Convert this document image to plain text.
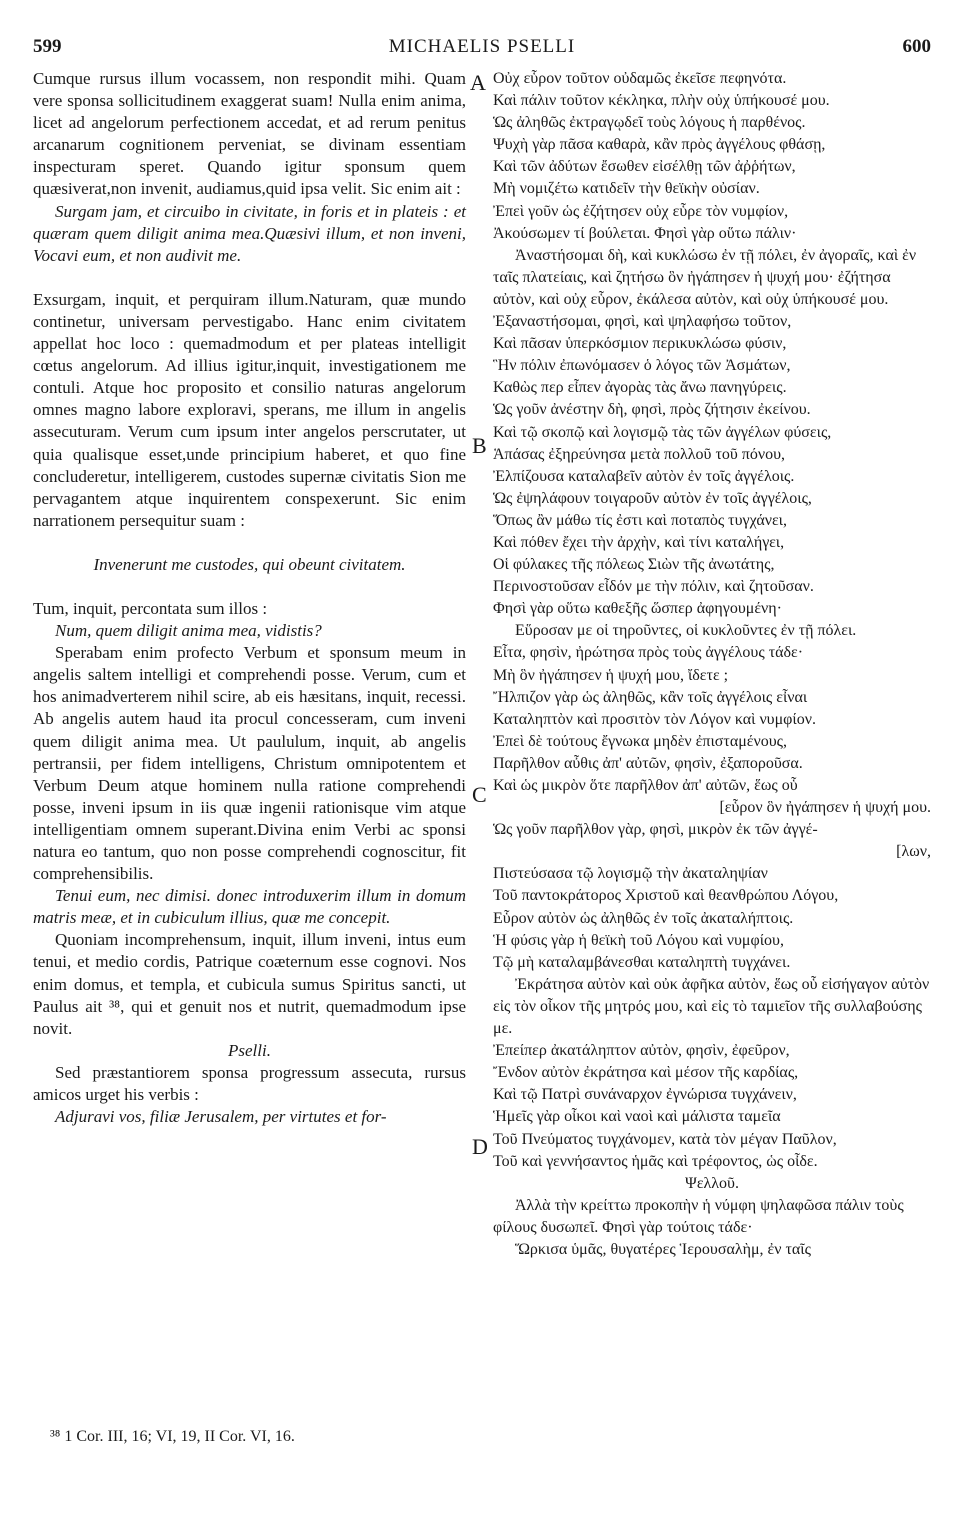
599	MICHAELIS PSELLI	600

Cumque rursus illum vocassem, non respondit mihi. Quam vere sponsa sollicitudinem exaggerat suam! Nulla enim anima, licet ad angelorum perfectionem accedat, et ad rerum penitus arcanarum cognitionem perveniat, se divinam essentiam inspecturam speret. Quando igitur sponsum quem quæsiverat,non invenit, audiamus,quid ipsa velit. Sic enim ait :

Surgam jam, et circuibo in civitate, in foris et in plateis : et quæram quem diligit anima mea.Quæsivi illum, et non inveni, Vocavi eum, et non audivit me.

Exsurgam, inquit, et perquiram illum.Naturam, quæ mundo continetur, universam pervestigabo. Hanc enim civitatem appellat hoc loco : quemadmodum et per plateas intelligit cœtus angelorum. Ad illius igitur,inquit, investigationem me contuli. Atque hoc proposito et consilio naturas angelorum omnes magno labore exploravi, sperans, me illum in angelis assecuturam. Verum cum ipsum inter angelos perscrutater, ut quia qualisque esset,unde principium haberet, et quo fine concluderetur, intelligerem, custodes supernæ civitatis Sion me pervagantem atque inquirentem conspexerunt. Sic enim narrationem persequitur suam :

Invenerunt me custodes, qui obeunt civitatem.

Tum, inquit, percontata sum illos :

Num, quem diligit anima mea, vidistis?

Sperabam enim profecto Verbum et sponsum meum in angelis saltem intelligi et comprehendi posse. Verum, cum et hos animadverterem nihil scire, ab eis hæsitans, inquit, recessi. Ab angelis autem haud ita procul concesseram, cum inveni quem diligit anima mea. Ut paululum, inquit, ab angelis pertransii, per fidem intelligens, Christum omnipotentem et Verbum Deum atque hominem nulla ratione comprehendi posse, inveni ipsum in iis quæ ingenii rationisque vim atque intelligentiam omnem superant.Divina enim Verbi ac sponsi natura eo tantum, quo non posse comprehendi cognoscitur, fit comprehensibilis.

Tenui eum, nec dimisi. donec introduxerim illum in domum matris meæ, et in cubiculum illius, quæ me concepit.

Quoniam incomprehensum, inquit, illum inveni, intus eum tenui, et medio cordis, Patrique coæternum esse cognovi. Nos enim domus, et templa, et cubicula sumus Spiritus sancti, ut Paulus ait ³⁸, qui et genuit nos et nutrit, quemadmodum ipse novit.

Pselli.

Sed præstantiorem sponsa progressum assecuta, rursus amicos urget his verbis :

Adjuravi vos, filiæ Jerusalem, per virtutes et for-

Οὐχ εὗρον τοῦτον οὐδαμῶς ἐκεῖσε πεφηνότα.

Καὶ πάλιν τοῦτον κέκληκα, πλὴν οὐχ ὑπήκουσέ μου.

Ὡς ἀληθῶς ἐκτραγῳδεῖ τοὺς λόγους ἡ παρθένος.

Ψυχὴ γὰρ πᾶσα καθαρὰ, κἂν πρὸς ἀγγέλους φθάσῃ,

Καὶ τῶν ἀδύτων ἔσωθεν εἰσέλθῃ τῶν ἀῤῥήτων,

Μὴ νομιζέτω κατιδεῖν τὴν θεϊκὴν οὐσίαν.

Ἐπεὶ γοῦν ὡς ἐζήτησεν οὐχ εὗρε τὸν νυμφίον,

Ἀκούσωμεν τί βούλεται. Φησὶ γὰρ οὕτω πάλιν·

Ἀναστήσομαι δὴ, καὶ κυκλώσω ἐν τῇ πόλει, ἐν ἀγοραῖς, καὶ ἐν ταῖς πλατείαις, καὶ ζητήσω ὃν ἠγάπησεν ἡ ψυχή μου· ἐζήτησα αὐτὸν, καὶ οὐχ εὗρον, ἐκάλεσα αὐτὸν, καὶ οὐχ ὑπήκουσέ μου.

Ἐξαναστήσομαι, φησὶ, καὶ ψηλαφήσω τοῦτον,

Καὶ πᾶσαν ὑπερκόσμιον περικυκλώσω φύσιν,

Ἣν πόλιν ἐπωνόμασεν ὁ λόγος τῶν Ἀσμάτων,

Καθὼς περ εἶπεν ἀγορὰς τὰς ἄνω πανηγύρεις.

Ὡς γοῦν ἀνέστην δὴ, φησὶ, πρὸς ζήτησιν ἐκείνου.

Καὶ τῷ σκοπῷ καὶ λογισμῷ τὰς τῶν ἀγγέλων φύσεις,

Ἁπάσας ἐξηρεύνησα μετὰ πολλοῦ τοῦ πόνου,

Ἐλπίζουσα καταλαβεῖν αὐτὸν ἐν τοῖς ἀγγέλοις.

Ὡς ἐψηλάφουν τοιγαροῦν αὐτὸν ἐν τοῖς ἀγγέλοις,

Ὅπως ἂν μάθω τίς ἐστι καὶ ποταπὸς τυγχάνει,

Καὶ πόθεν ἔχει τὴν ἀρχὴν, καὶ τίνι καταλήγει,

Οἱ φύλακες τῆς πόλεως Σιὼν τῆς ἀνωτάτης,

Περινοστοῦσαν εἶδόν με τὴν πόλιν, καὶ ζητοῦσαν.

Φησὶ γὰρ οὕτω καθεξῆς ὥσπερ ἀφηγουμένη·

Εὕροσαν με οἱ τηροῦντες, οἱ κυκλοῦντες ἐν τῇ πόλει.

Εἶτα, φησὶν, ἠρώτησα πρὸς τοὺς ἀγγέλους τάδε·

Μὴ ὃν ἠγάπησεν ἡ ψυχή μου, ἴδετε ;

Ἤλπιζον γὰρ ὡς ἀληθῶς, κἂν τοῖς ἀγγέλοις εἶναι

Καταληπτὸν καὶ προσιτὸν τὸν Λόγον καὶ νυμφίον.

Ἐπεὶ δὲ τούτους ἔγνωκα μηδὲν ἐπισταμένους,

Παρῆλθον αὖθις ἀπ' αὐτῶν, φησὶν, ἐξαποροῦσα.

Καὶ ὡς μικρὸν ὅτε παρῆλθον ἀπ' αὐτῶν, ἕως οὗ

[εὗρον ὃν ἠγάπησεν ἡ ψυχή μου.

Ὡς γοῦν παρῆλθον γὰρ, φησὶ, μικρὸν ἐκ τῶν ἀγγέ-

[λων,

Πιστεύσασα τῷ λογισμῷ τὴν ἀκαταληψίαν

Τοῦ παντοκράτορος Χριστοῦ καὶ θεανθρώπου Λόγου,

Εὗρον αὐτὸν ὡς ἀληθῶς ἐν τοῖς ἀκαταλήπτοις.

Ἡ φύσις γὰρ ἡ θεϊκὴ τοῦ Λόγου καὶ νυμφίου,

Τῷ μὴ καταλαμβάνεσθαι καταληπτὴ τυγχάνει.

Ἐκράτησα αὐτὸν καὶ οὐκ ἀφῆκα αὐτὸν, ἕως οὗ εἰσήγαγον αὐτὸν εἰς τὸν οἶκον τῆς μητρός μου, καὶ εἰς τὸ ταμιεῖον τῆς συλλαβούσης με.

Ἐπείπερ ἀκατάληπτον αὐτὸν, φησὶν, ἐφεῦρον,

Ἔνδον αὐτὸν ἐκράτησα καὶ μέσον τῆς καρδίας,

Καὶ τῷ Πατρὶ συνάναρχον ἐγνώρισα τυγχάνειν,

Ἡμεῖς γὰρ οἶκοι καὶ ναοὶ καὶ μάλιστα ταμεῖα

Τοῦ Πνεύματος τυγχάνομεν, κατὰ τὸν μέγαν Παῦλον,

Τοῦ καὶ γεννήσαντος ἡμᾶς καὶ τρέφοντος, ὡς οἶδε.

Ψελλοῦ.

Ἀλλὰ τὴν κρείττω προκοπὴν ἡ νύμφη ψηλαφῶσα πάλιν τοὺς φίλους δυσωπεῖ. Φησὶ γὰρ τούτοις τάδε·

Ὥρκισα ὑμᾶς, θυγατέρες Ἱερουσαλὴμ, ἐν ταῖς

A
B
C
D
³⁸ 1 Cor. III, 16; VI, 19, II Cor. VI, 16.
